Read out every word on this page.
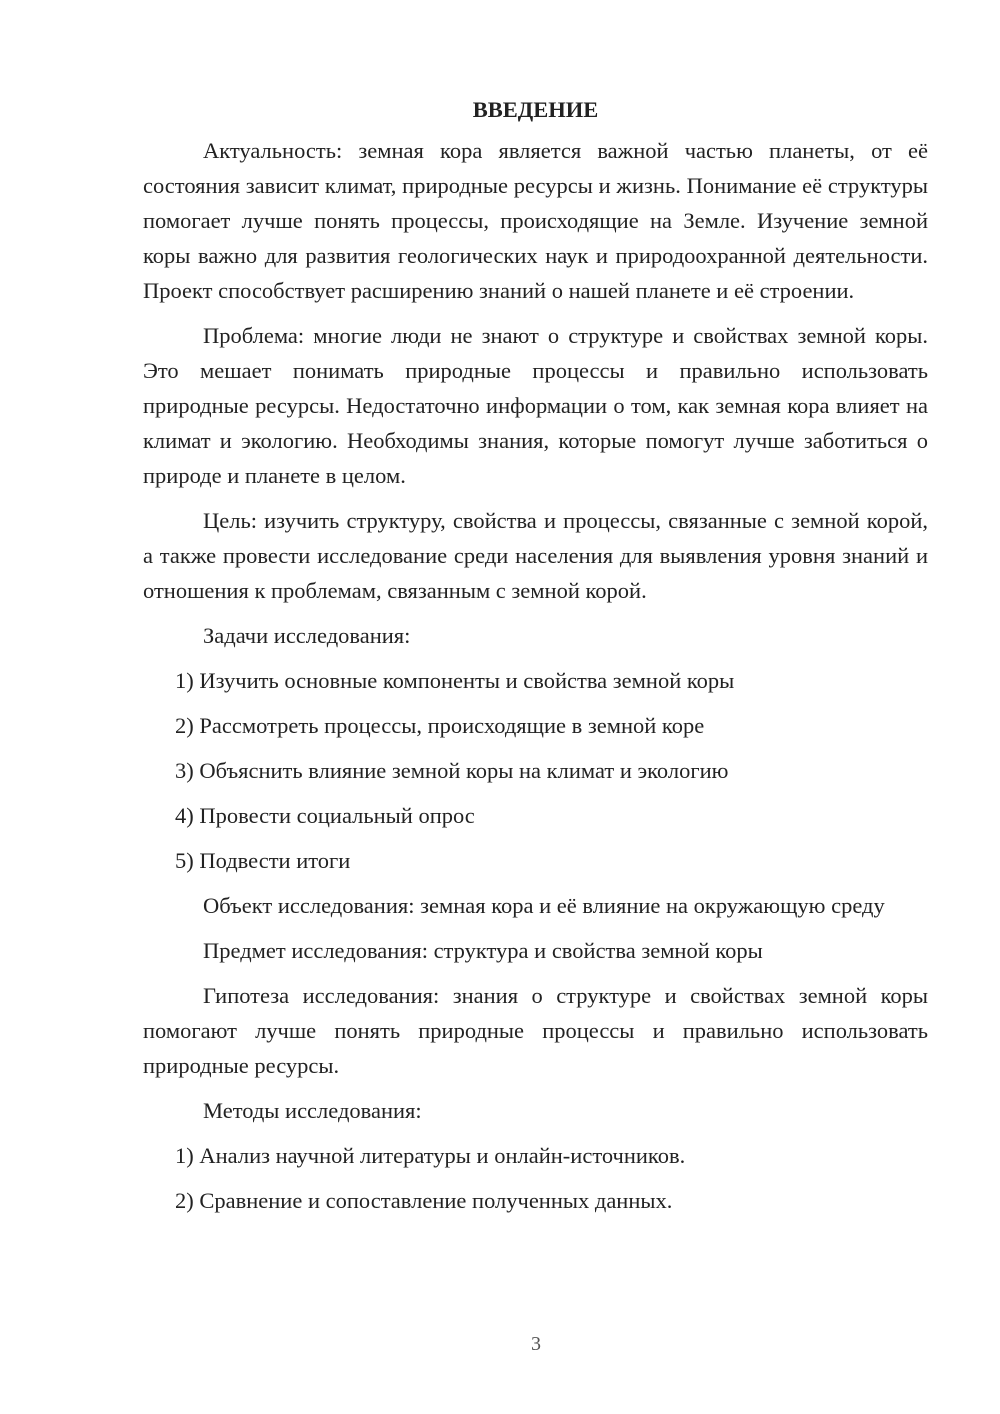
ВВЕДЕНИЕ

Актуальность: земная кора является важной частью планеты, от её состояния зависит климат, природные ресурсы и жизнь. Понимание её структуры помогает лучше понять процессы, происходящие на Земле. Изучение земной коры важно для развития геологических наук и природоохранной деятельности. Проект способствует расширению знаний о нашей планете и её строении.

Проблема: многие люди не знают о структуре и свойствах земной коры. Это мешает понимать природные процессы и правильно использовать природные ресурсы. Недостаточно информации о том, как земная кора влияет на климат и экологию. Необходимы знания, которые помогут лучше заботиться о природе и планете в целом.

Цель: изучить структуру, свойства и процессы, связанные с земной корой, а также провести исследование среди населения для выявления уровня знаний и отношения к проблемам, связанным с земной корой.

Задачи исследования:

1) Изучить основные компоненты и свойства земной коры
2) Рассмотреть процессы, происходящие в земной коре
3) Объяснить влияние земной коры на климат и экологию
4) Провести социальный опрос
5) Подвести итоги

Объект исследования: земная кора и её влияние на окружающую среду

Предмет исследования: структура и свойства земной коры

Гипотеза исследования: знания о структуре и свойствах земной коры помогают лучше понять природные процессы и правильно использовать природные ресурсы.

Методы исследования:

1) Анализ научной литературы и онлайн-источников.
2) Сравнение и сопоставление полученных данных.
3
